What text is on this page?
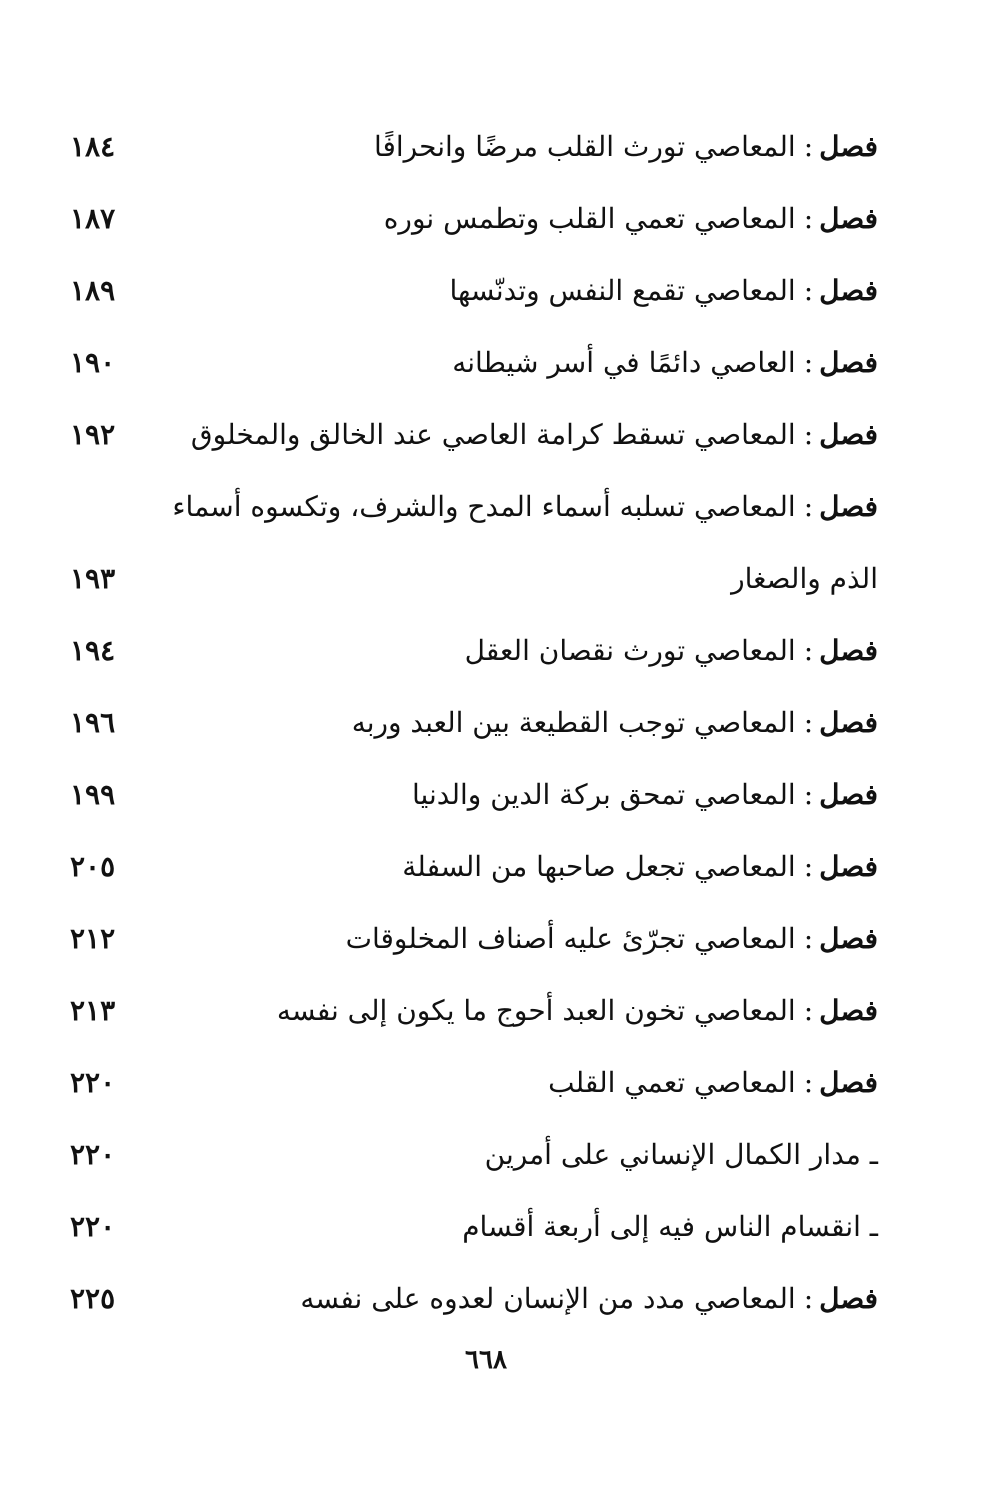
فصل:المعاصي تورث القلب مرضًا وانحرافًا
١٨٤
فصل:المعاصي تعمي القلب وتطمس نوره
١٨٧
فصل:المعاصي تقمع النفس وتدنّسها
١٨٩
فصل:العاصي دائمًا في أسر شيطانه
١٩٠
فصل:المعاصي تسقط كرامة العاصي عند الخالق والمخلوق
١٩٢
فصل:المعاصي تسلبه أسماء المدح والشرف، وتكسوه أسماء
الذم والصغار
١٩٣
فصل:المعاصي تورث نقصان العقل
١٩٤
فصل:المعاصي توجب القطيعة بين العبد وربه
١٩٦
فصل:المعاصي تمحق بركة الدين والدنيا
١٩٩
فصل:المعاصي تجعل صاحبها من السفلة
٢٠٥
فصل:المعاصي تجرّئ عليه أصناف المخلوقات
٢١٢
فصل:المعاصي تخون العبد أحوج ما يكون إلى نفسه
٢١٣
فصل:المعاصي تعمي القلب
٢٢٠
ـ مدار الكمال الإنساني على أمرين
٢٢٠
ـ انقسام الناس فيه إلى أربعة أقسام
٢٢٠
فصل:المعاصي مدد من الإنسان لعدوه على نفسه
٢٢٥
٦٦٨
